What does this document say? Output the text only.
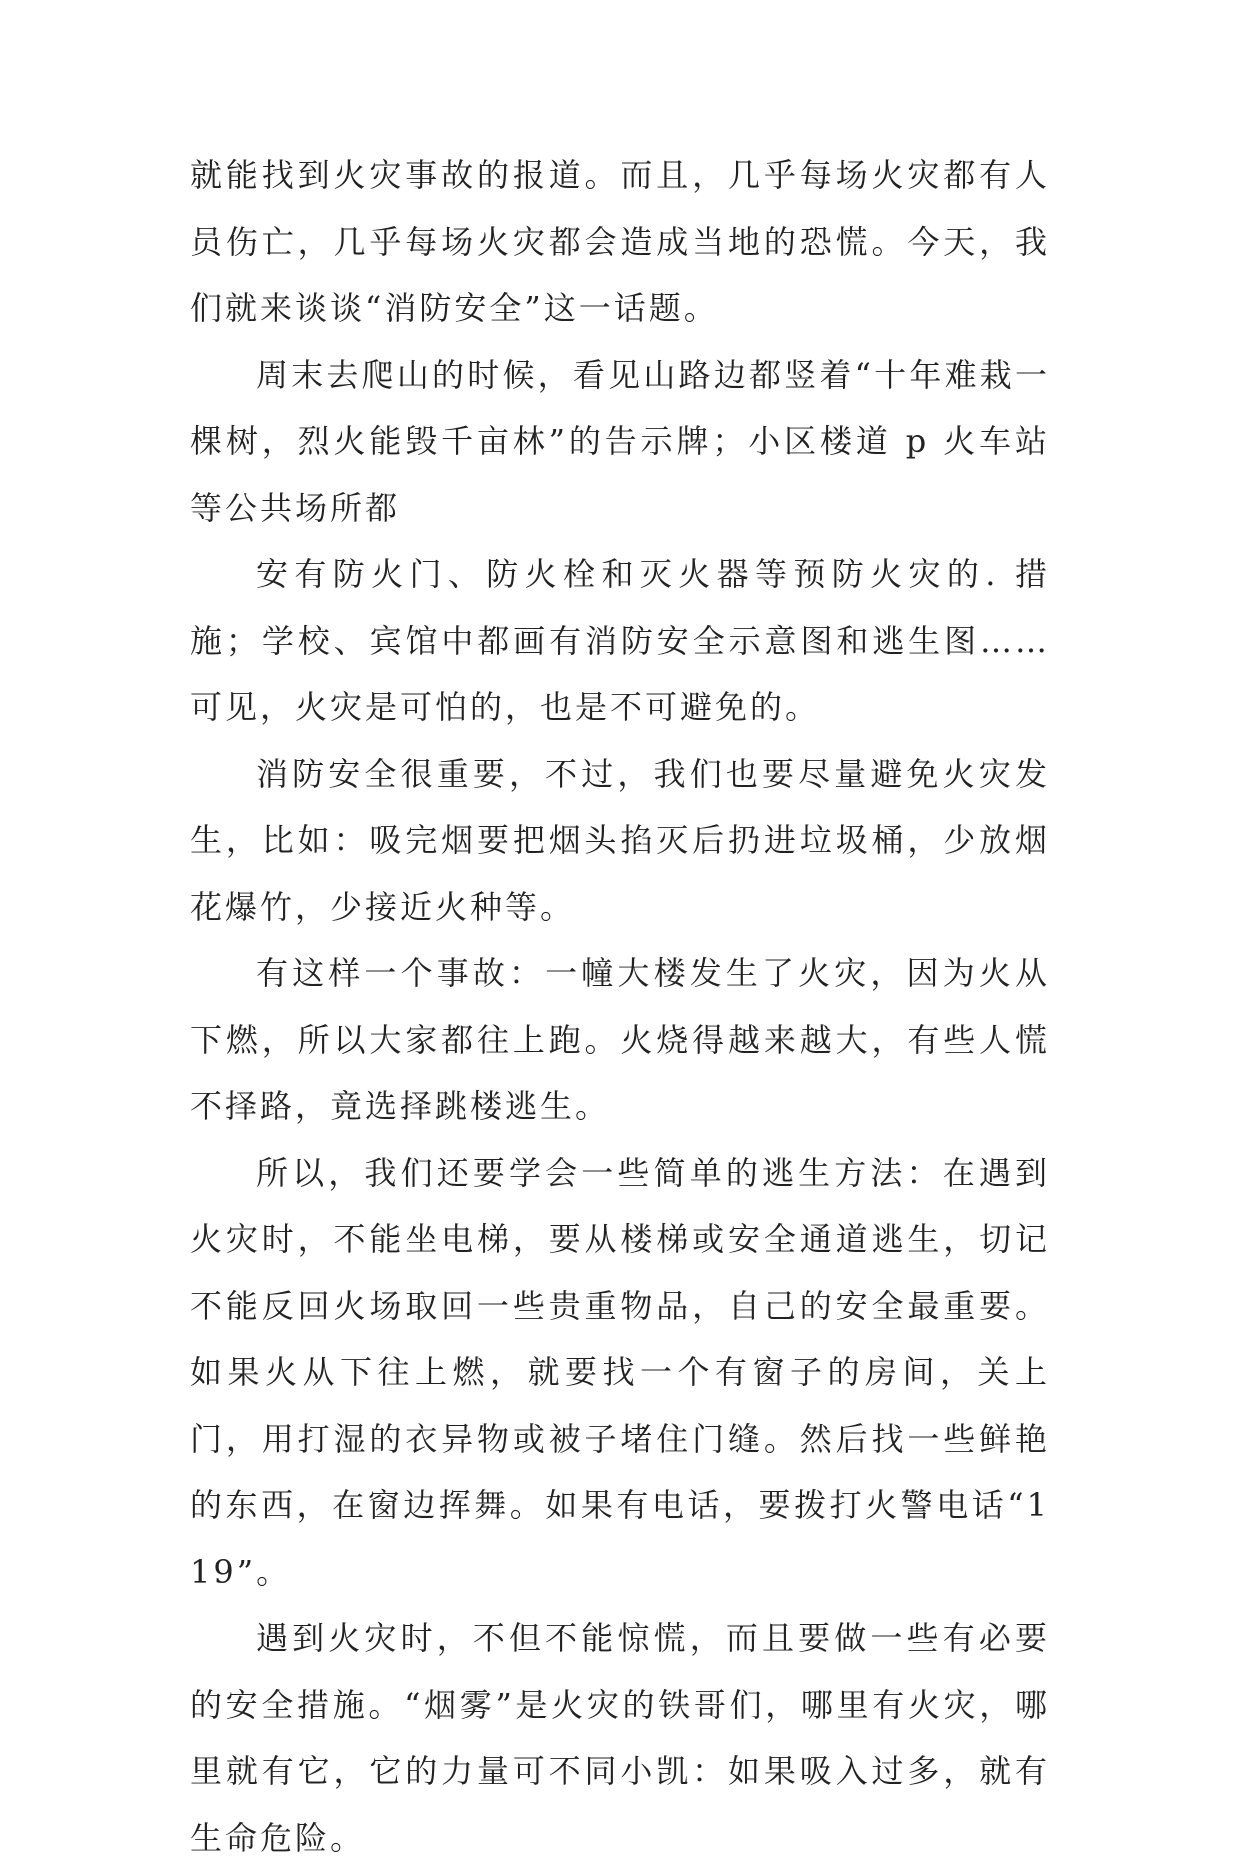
就能找到火灾事故的报道。而且，几乎每场火灾都有人员伤亡，几乎每场火灾都会造成当地的恐慌。今天，我们就来谈谈“消防安全”这一话题。

周末去爬山的时候，看见山路边都竖着“十年难栽一棵树，烈火能毁千亩林”的告示牌；小区楼道 p 火车站等公共场所都

安有防火门、防火栓和灭火器等预防火灾的. 措施；学校、宾馆中都画有消防安全示意图和逃生图……可见，火灾是可怕的，也是不可避免的。

消防安全很重要，不过，我们也要尽量避免火灾发生，比如：吸完烟要把烟头掐灭后扔进垃圾桶，少放烟花爆竹，少接近火种等。

有这样一个事故：一幢大楼发生了火灾，因为火从下燃，所以大家都往上跑。火烧得越来越大，有些人慌不择路，竟选择跳楼逃生。

所以，我们还要学会一些简单的逃生方法：在遇到火灾时，不能坐电梯，要从楼梯或安全通道逃生，切记不能反回火场取回一些贵重物品，自己的安全最重要。如果火从下往上燃，就要找一个有窗子的房间，关上门，用打湿的衣异物或被子堵住门缝。然后找一些鲜艳的东西，在窗边挥舞。如果有电话，要拨打火警电话“119”。

遇到火灾时，不但不能惊慌，而且要做一些有必要的安全措施。“烟雾”是火灾的铁哥们，哪里有火灾，哪里就有它，它的力量可不同小凯：如果吸入过多，就有生命危险。
